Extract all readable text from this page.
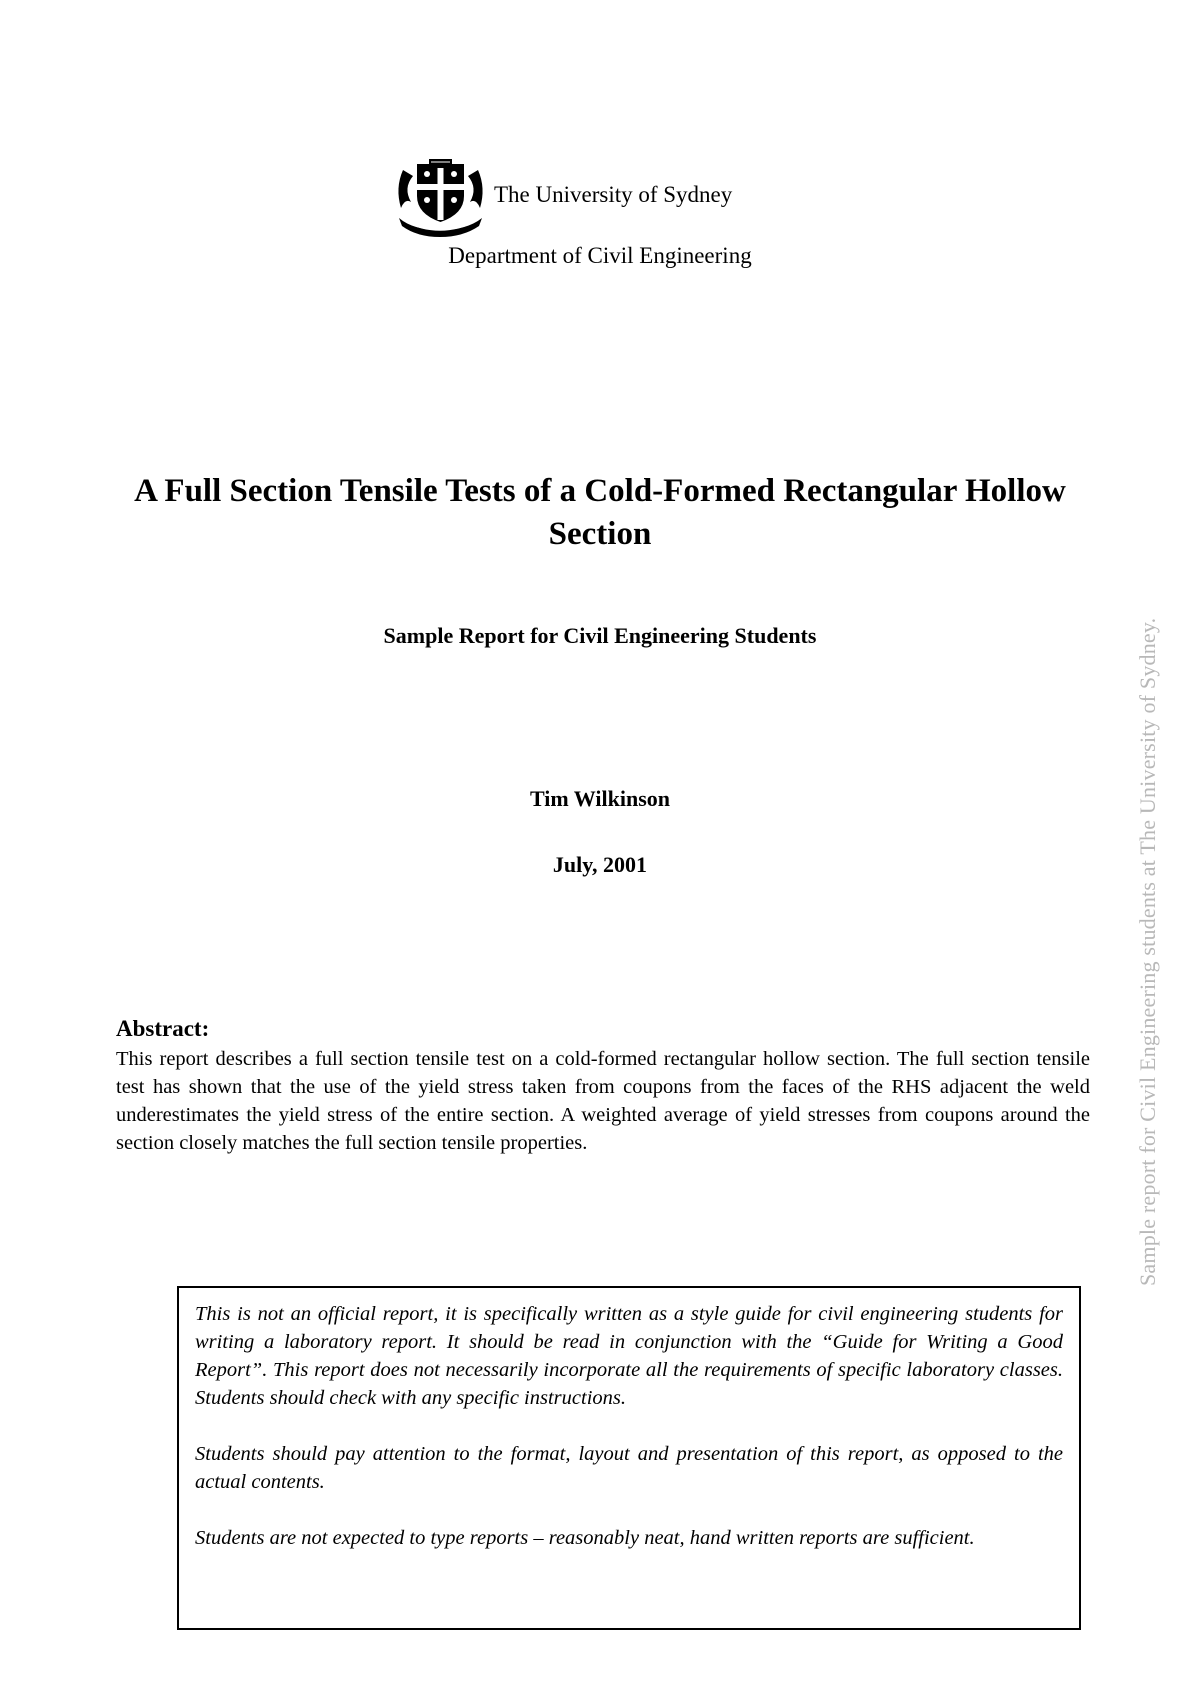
The University of Sydney
Department of Civil Engineering
A Full Section Tensile Tests of a Cold-Formed Rectangular Hollow Section
Sample Report for Civil Engineering Students
Tim Wilkinson
July, 2001
Abstract:
This report describes a full section tensile test on a cold-formed rectangular hollow section. The full section tensile test has shown that the use of the yield stress taken from coupons from the faces of the RHS adjacent the weld underestimates the yield stress of the entire section. A weighted average of yield stresses from coupons around the section closely matches the full section tensile properties.	Sample report for Civil Engineering students at The University of Sydney.

This is not an official report, it is specifically written as a style guide for civil engineering students for writing a laboratory report. It should be read in conjunction with the “Guide for Writing a Good Report”. This report does not necessarily incorporate all the requirements of specific laboratory classes. Students should check with any specific instructions.

Students should pay attention to the format, layout and presentation of this report, as opposed to the actual contents.

Students are not expected to type reports – reasonably neat, hand written reports are sufficient.
